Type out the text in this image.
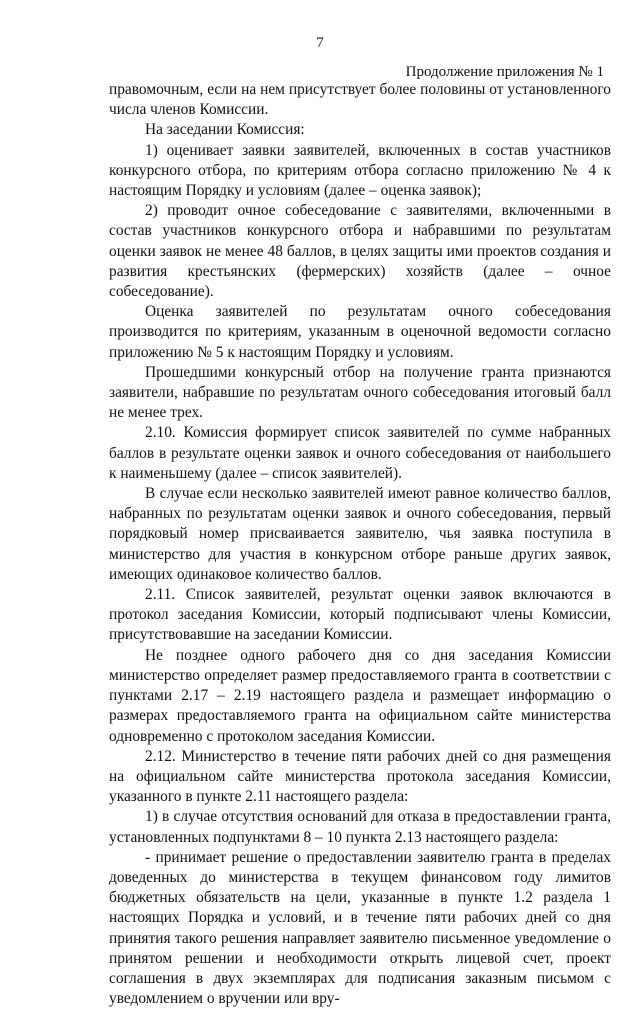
7
Продолжение приложения № 1

правомочным, если на нем присутствует более половины от установленного числа членов Комиссии.

На заседании Комиссия:

1) оценивает заявки заявителей, включенных в состав участников конкурсного отбора, по критериям отбора согласно приложению № 4 к настоящим Порядку и условиям (далее – оценка заявок);

2) проводит очное собеседование с заявителями, включенными в состав участников конкурсного отбора и набравшими по результатам оценки заявок не менее 48 баллов, в целях защиты ими проектов создания и развития крестьянских (фермерских) хозяйств (далее – очное собеседование).

Оценка заявителей по результатам очного собеседования производится по критериям, указанным в оценочной ведомости согласно приложению № 5 к настоящим Порядку и условиям.

Прошедшими конкурсный отбор на получение гранта признаются заявители, набравшие по результатам очного собеседования итоговый балл не менее трех.

2.10. Комиссия формирует список заявителей по сумме набранных баллов в результате оценки заявок и очного собеседования от наибольшего к наименьшему (далее – список заявителей).

В случае если несколько заявителей имеют равное количество баллов, набранных по результатам оценки заявок и очного собеседования, первый порядковый номер присваивается заявителю, чья заявка поступила в министерство для участия в конкурсном отборе раньше других заявок, имеющих одинаковое количество баллов.

2.11. Список заявителей, результат оценки заявок включаются в протокол заседания Комиссии, который подписывают члены Комиссии, присутствовавшие на заседании Комиссии.

Не позднее одного рабочего дня со дня заседания Комиссии министерство определяет размер предоставляемого гранта в соответствии с пунктами 2.17 – 2.19 настоящего раздела и размещает информацию о размерах предоставляемого гранта на официальном сайте министерства одновременно с протоколом заседания Комиссии.

2.12. Министерство в течение пяти рабочих дней со дня размещения на официальном сайте министерства протокола заседания Комиссии, указанного в пункте 2.11 настоящего раздела:

1) в случае отсутствия оснований для отказа в предоставлении гранта, установленных подпунктами 8 – 10 пункта 2.13 настоящего раздела:

- принимает решение о предоставлении заявителю гранта в пределах доведенных до министерства в текущем финансовом году лимитов бюджетных обязательств на цели, указанные в пункте 1.2 раздела 1 настоящих Порядка и условий, и в течение пяти рабочих дней со дня принятия такого решения направляет заявителю письменное уведомление о принятом решении и необходимости открыть лицевой счет, проект соглашения в двух экземплярах для подписания заказным письмом с уведомлением о вручении или вру-
